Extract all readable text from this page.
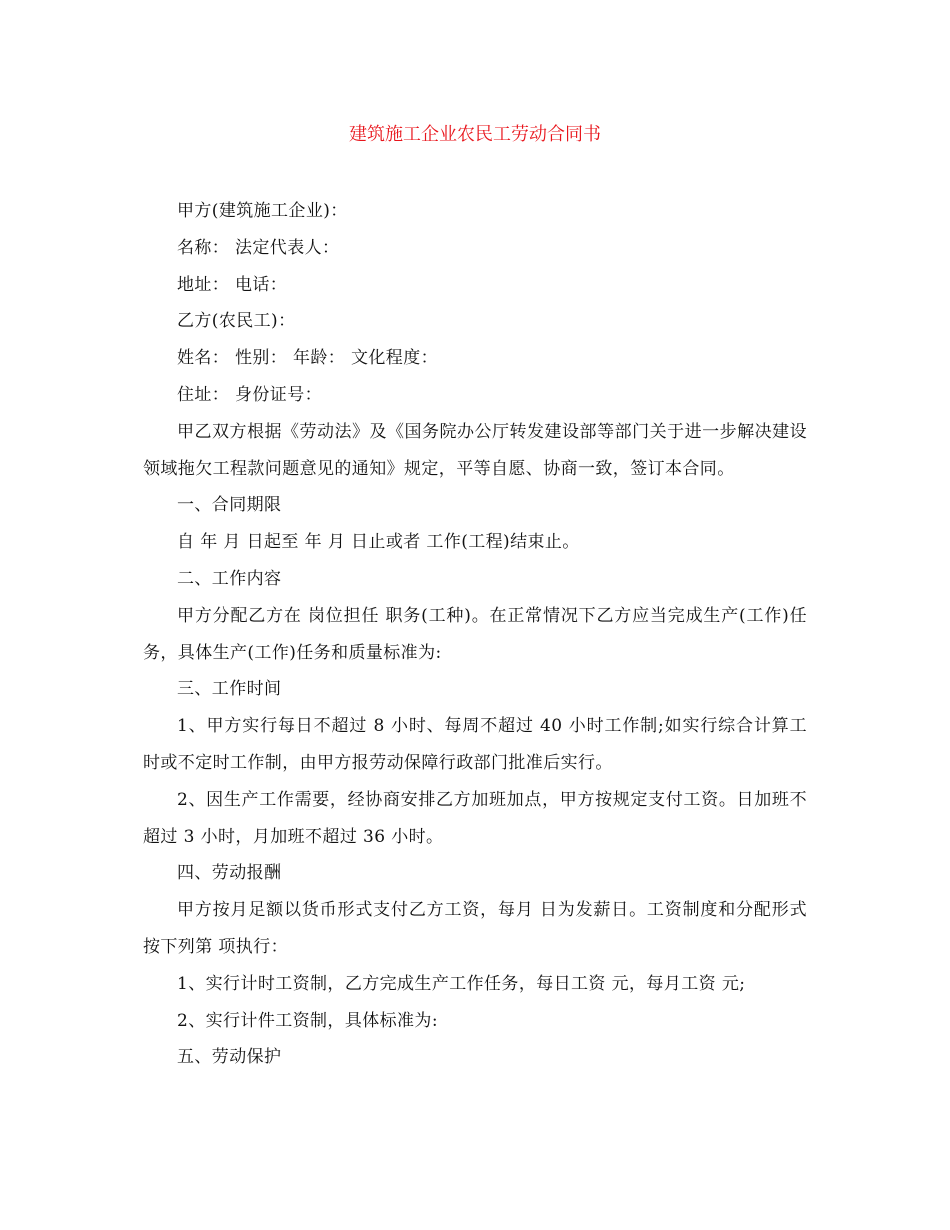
建筑施工企业农民工劳动合同书

甲方(建筑施工企业)：

名称： 法定代表人：

地址： 电话：

乙方(农民工)：

姓名： 性别： 年龄： 文化程度：

住址： 身份证号：

甲乙双方根据《劳动法》及《国务院办公厅转发建设部等部门关于进一步解决建设领域拖欠工程款问题意见的通知》规定，平等自愿、协商一致，签订本合同。

一、合同期限

自 年 月 日起至 年 月 日止或者 工作(工程)结束止。

二、工作内容

甲方分配乙方在 岗位担任 职务(工种)。在正常情况下乙方应当完成生产(工作)任务，具体生产(工作)任务和质量标准为:

三、工作时间

1、甲方实行每日不超过 8 小时、每周不超过 40 小时工作制;如实行综合计算工时或不定时工作制，由甲方报劳动保障行政部门批准后实行。

2、因生产工作需要，经协商安排乙方加班加点，甲方按规定支付工资。日加班不超过 3 小时，月加班不超过 36 小时。

四、劳动报酬

甲方按月足额以货币形式支付乙方工资，每月 日为发薪日。工资制度和分配形式按下列第 项执行：

1、实行计时工资制，乙方完成生产工作任务，每日工资 元，每月工资 元;

2、实行计件工资制，具体标准为:

五、劳动保护
